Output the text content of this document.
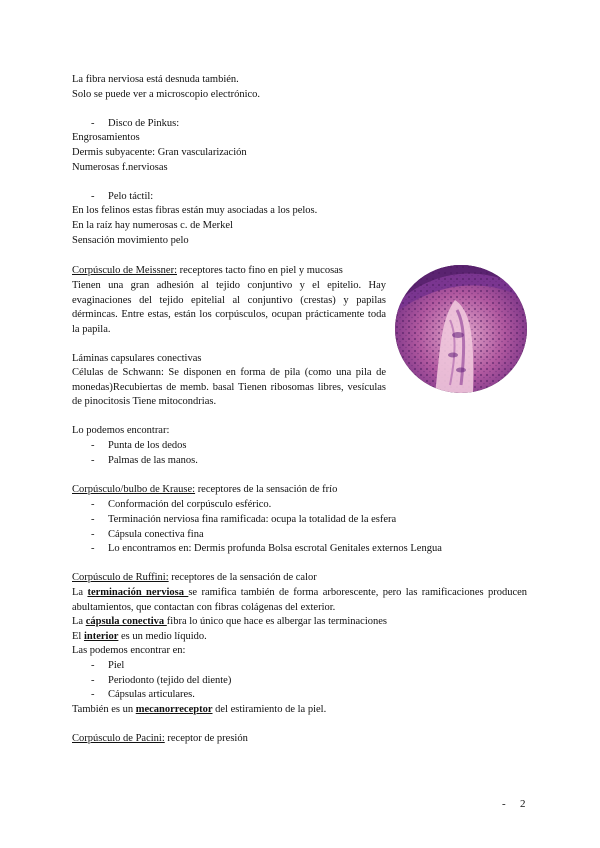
La fibra nerviosa está desnuda también.
Solo se puede ver a microscopio electrónico.
- Disco de Pinkus:
Engrosamientos
Dermis subyacente: Gran vascularización
Numerosas f.nerviosas
- Pelo táctil:
En los felinos estas fibras están muy asociadas a los pelos.
En la raíz hay numerosas c. de Merkel
Sensación movimiento pelo
Corpúsculo de Meissner: receptores tacto fino en piel y mucosas
Tienen una gran adhesión al tejido conjuntivo y el epitelio. Hay evaginaciones del tejido epitelial al conjuntivo (crestas) y papilas dérmincas. Entre estas, están los corpúsculos, ocupan prácticamente toda la papila.
Láminas capsulares conectivas
Células de Schwann: Se disponen en forma de pila (como una pila de monedas)Recubiertas de memb. basal Tienen ribosomas libres, vesículas de pinocitosis Tiene mitocondrias.
Lo podemos encontrar:
- Punta de los dedos
- Palmas de las manos.
Corpúsculo/bulbo de Krause: receptores de la sensación de frío
- Conformación del corpúsculo esférico.
- Terminación nerviosa fina ramificada: ocupa la totalidad de la esfera
- Cápsula conectiva fina
- Lo encontramos en: Dermis profunda Bolsa escrotal Genitales externos Lengua
Corpúsculo de Ruffini: receptores de la sensación de calor
La terminación nerviosa se ramifica también de forma arborescente, pero las ramificaciones producen abultamientos, que contactan con fibras colágenas del exterior.
La cápsula conectiva fibra lo único que hace es albergar las terminaciones
El interior es un medio líquido.
Las podemos encontrar en:
- Piel
- Periodonto (tejido del diente)
- Cápsulas articulares.
También es un mecanorreceptor del estiramiento de la piel.
Corpúsculo de Pacini: receptor de presión
- 2
